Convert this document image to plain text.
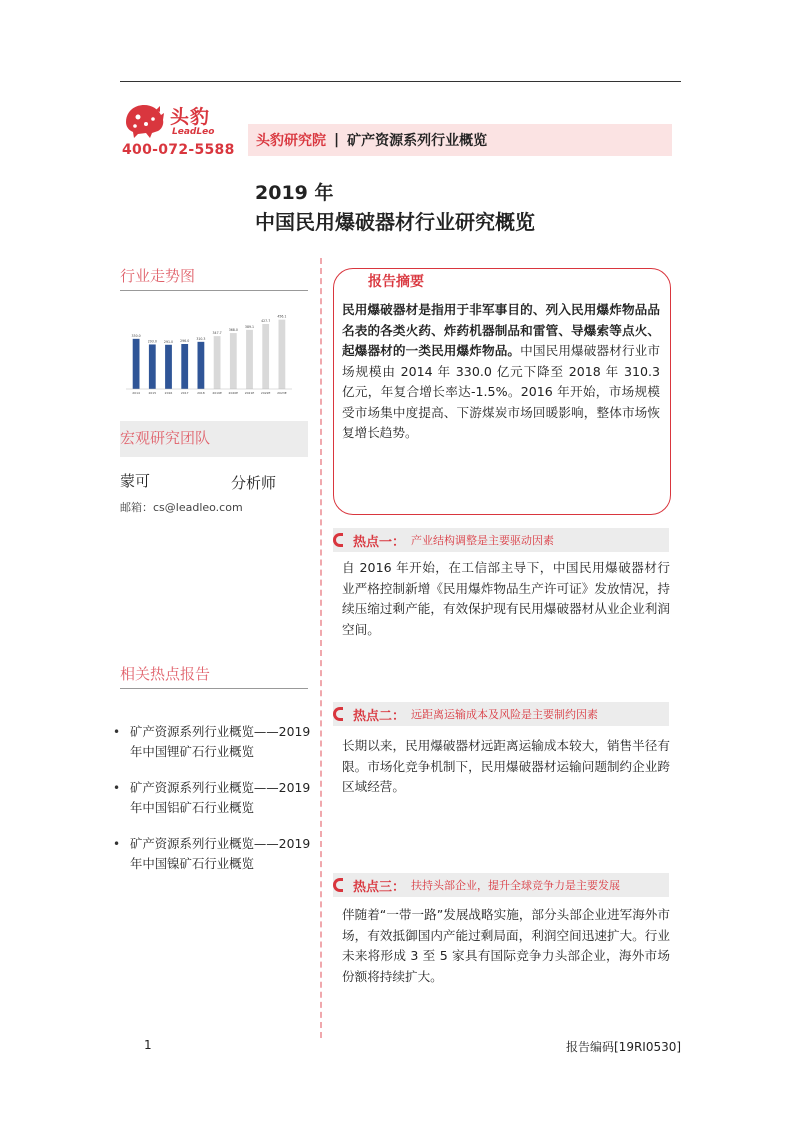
头豹
LeadLeo
400-072-5588
头豹研究院 | 矿产资源系列行业概览
2019 年
中国民用爆破器材行业研究概览
行业走势图
330.0
2014
293.0
2015
291.0
2016
296.0
2017
310.3
2018
347.7
2019E
368.0
2020E
389.1
2021E
427.7
2022E
456.1
2023E
宏观研究团队
蒙可	分析师
邮箱：cs@leadleo.com
相关热点报告
• 矿产资源系列行业概览——2019 年中国锂矿石行业概览
• 矿产资源系列行业概览——2019 年中国铝矿石行业概览
• 矿产资源系列行业概览——2019 年中国镍矿石行业概览
报告摘要
民用爆破器材是指用于非军事目的、列入民用爆炸物品品名表的各类火药、炸药机器制品和雷管、导爆索等点火、起爆器材的一类民用爆炸物品。中国民用爆破器材行业市场规模由 2014 年 330.0 亿元下降至 2018 年 310.3 亿元，年复合增长率达-1.5%。2016 年开始，市场规模受市场集中度提高、下游煤炭市场回暖影响，整体市场恢复增长趋势。
热点一： 产业结构调整是主要驱动因素
自 2016 年开始，在工信部主导下，中国民用爆破器材行业严格控制新增《民用爆炸物品生产许可证》发放情况，持续压缩过剩产能，有效保护现有民用爆破器材从业企业利润空间。
热点二： 远距离运输成本及风险是主要制约因素
长期以来，民用爆破器材远距离运输成本较大，销售半径有限。市场化竞争机制下，民用爆破器材运输问题制约企业跨区域经营。
热点三： 扶持头部企业，提升全球竞争力是主要发展
伴随着“一带一路”发展战略实施，部分头部企业进军海外市场，有效抵御国内产能过剩局面，利润空间迅速扩大。行业未来将形成 3 至 5 家具有国际竞争力头部企业，海外市场份额将持续扩大。
1	报告编码[19RI0530]
